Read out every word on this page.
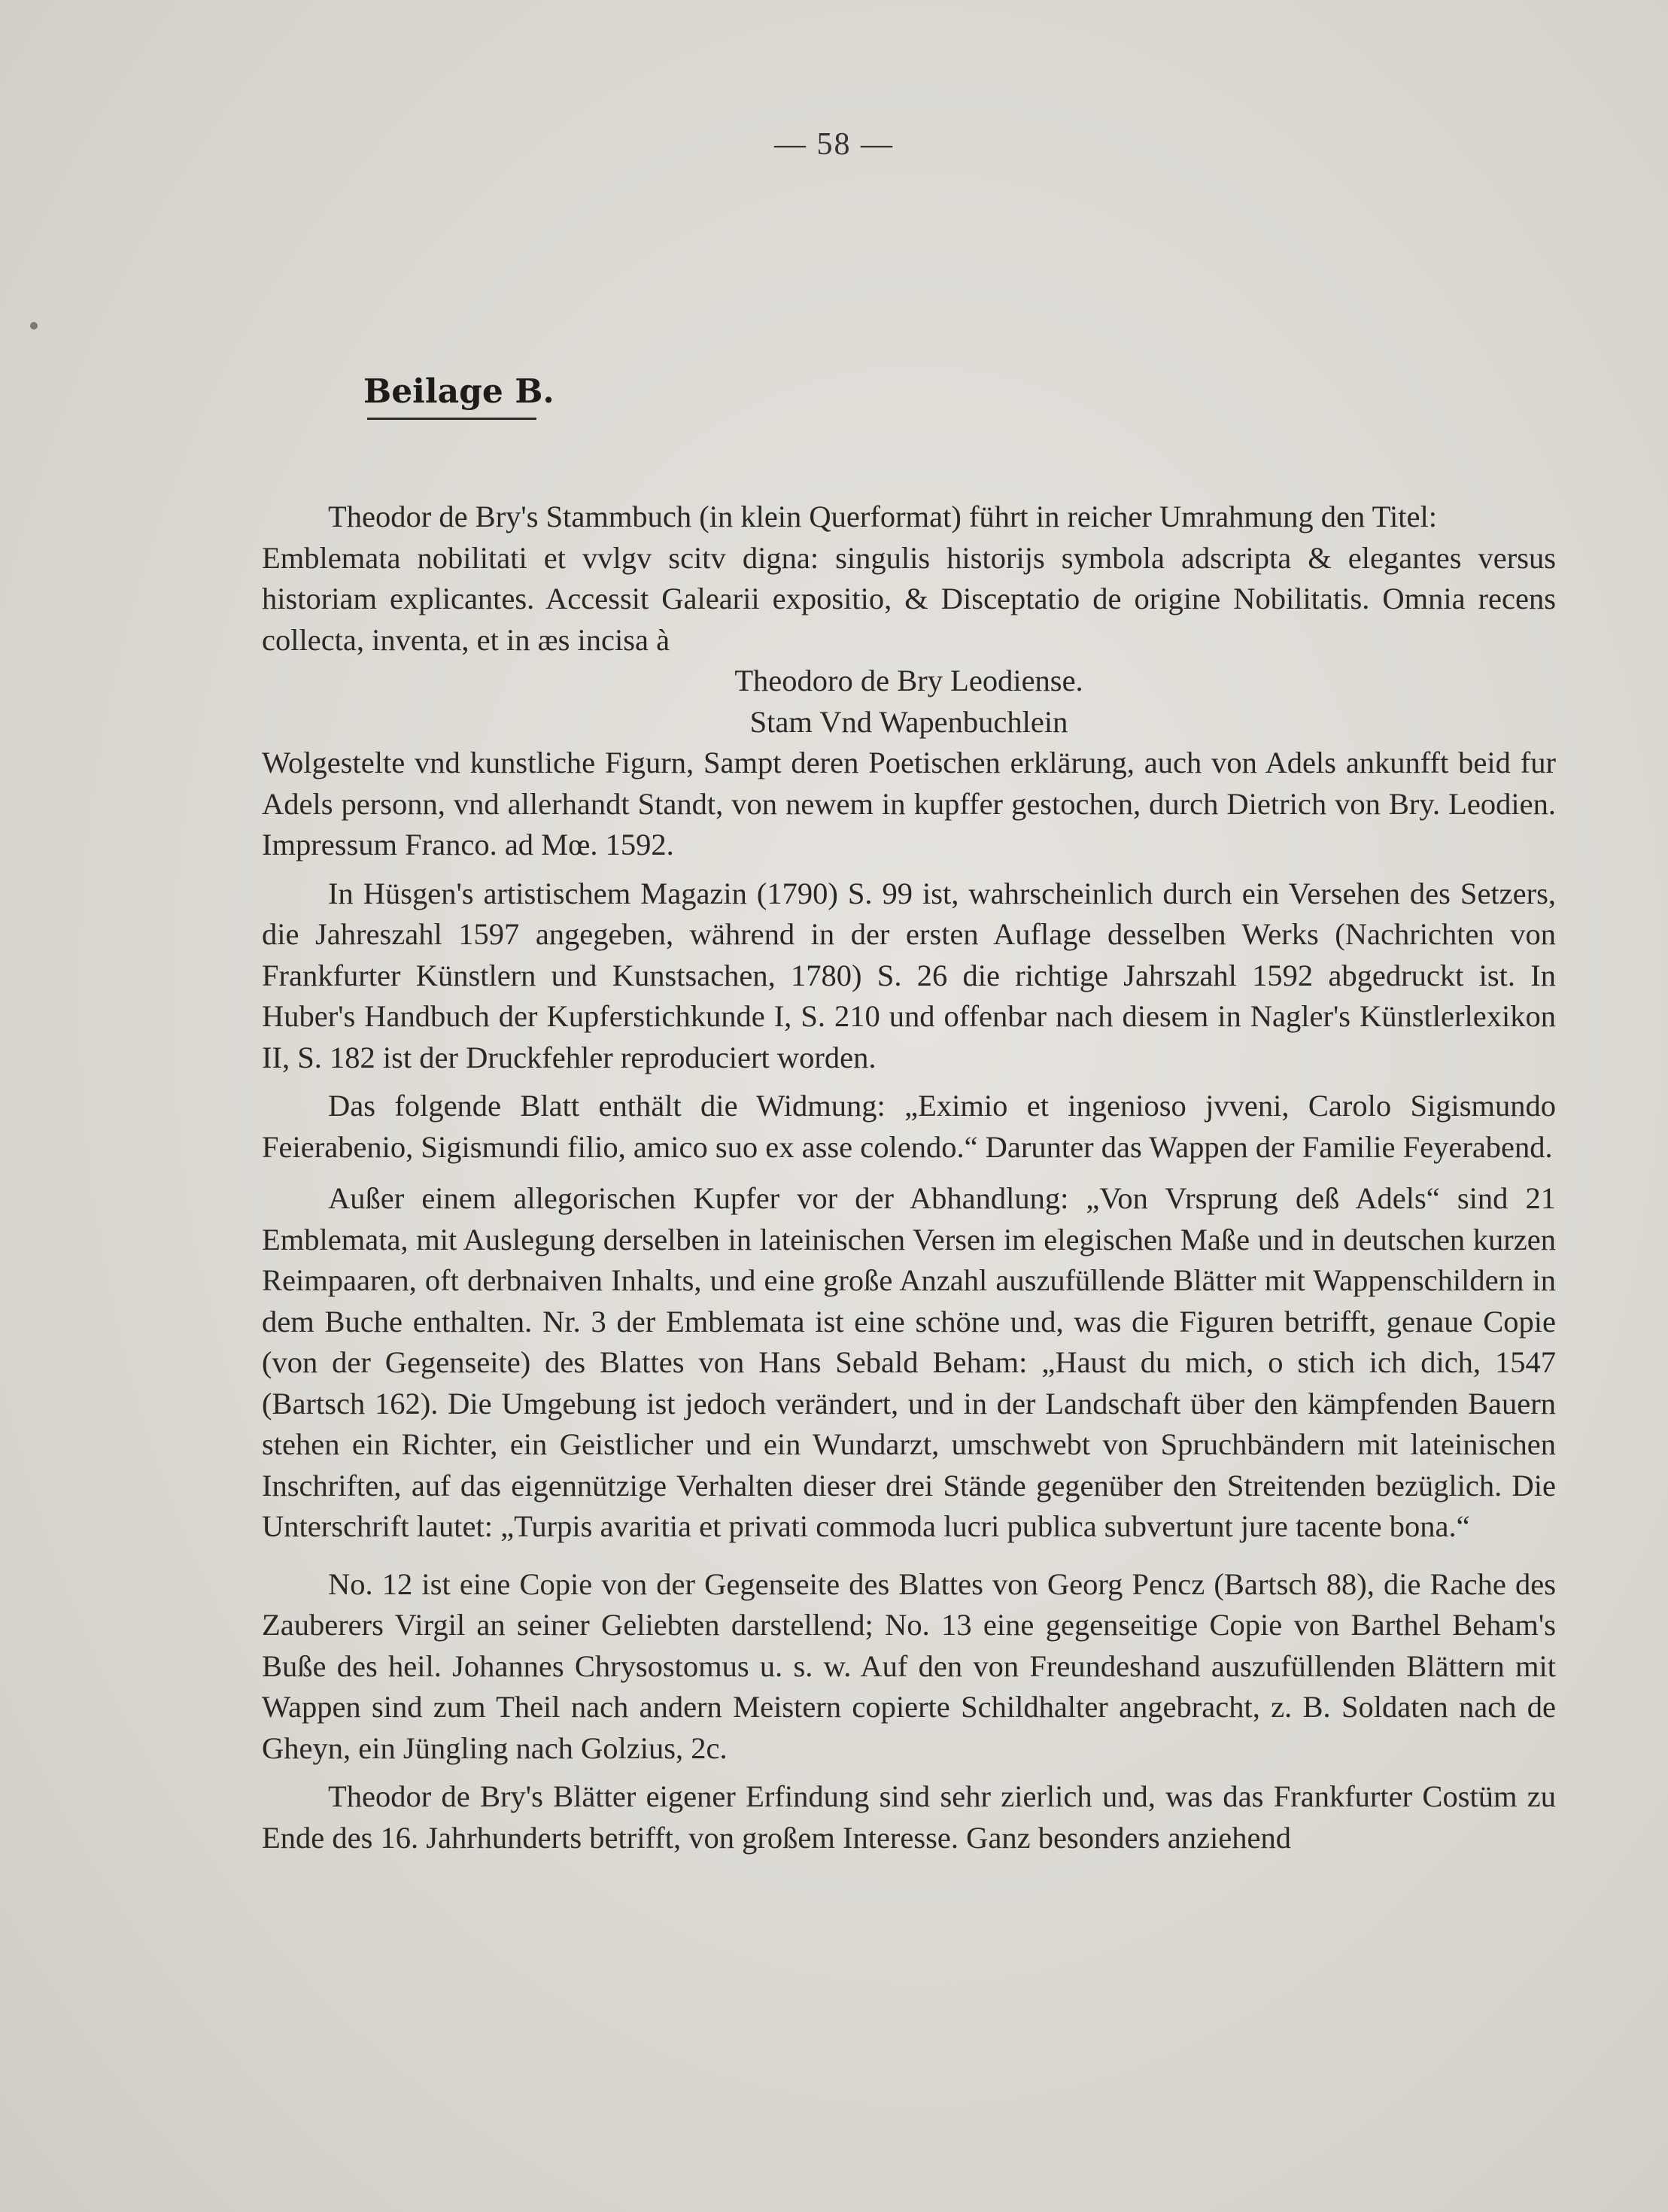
— 58 —
Beilage B.

Theodor de Bry's Stammbuch (in klein Querformat) führt in reicher Umrahmung den Titel:

Emblemata nobilitati et vvlgv scitv digna: singulis historijs symbola adscripta & elegantes versus historiam explicantes. Accessit Galearii expositio, & Disceptatio de origine Nobilitatis. Omnia recens collecta, inventa, et in æs incisa à

Theodoro de Bry Leodiense.

Stam Vnd Wapenbuchlein

Wolgestelte vnd kunstliche Figurn, Sampt deren Poetischen erklärung, auch von Adels ankunfft beid fur Adels personn, vnd allerhandt Standt, von newem in kupffer gestochen, durch Dietrich von Bry. Leodien. Impressum Franco. ad Mœ. 1592.

In Hüsgen's artistischem Magazin (1790) S. 99 ist, wahrscheinlich durch ein Versehen des Setzers, die Jahreszahl 1597 angegeben, während in der ersten Auflage desselben Werks (Nachrichten von Frankfurter Künstlern und Kunstsachen, 1780) S. 26 die richtige Jahrszahl 1592 abgedruckt ist. In Huber's Handbuch der Kupferstichkunde I, S. 210 und offenbar nach diesem in Nagler's Künstlerlexikon II, S. 182 ist der Druckfehler reproduciert worden.

Das folgende Blatt enthält die Widmung: „Eximio et ingenioso jvveni, Carolo Sigismundo Feierabenio, Sigismundi filio, amico suo ex asse colendo.“ Darunter das Wappen der Familie Feyerabend.

Außer einem allegorischen Kupfer vor der Abhandlung: „Von Vrsprung deß Adels“ sind 21 Emblemata, mit Auslegung derselben in lateinischen Versen im elegischen Maße und in deutschen kurzen Reimpaaren, oft derbnaiven Inhalts, und eine große Anzahl auszufüllende Blätter mit Wappenschildern in dem Buche enthalten. Nr. 3 der Emblemata ist eine schöne und, was die Figuren betrifft, genaue Copie (von der Gegenseite) des Blattes von Hans Sebald Beham: „Haust du mich, o stich ich dich, 1547 (Bartsch 162). Die Umgebung ist jedoch verändert, und in der Landschaft über den kämpfenden Bauern stehen ein Richter, ein Geistlicher und ein Wundarzt, umschwebt von Spruchbändern mit lateinischen Inschriften, auf das eigennützige Verhalten dieser drei Stände gegenüber den Streitenden bezüglich. Die Unterschrift lautet: „Turpis avaritia et privati commoda lucri publica subvertunt jure tacente bona.“

No. 12 ist eine Copie von der Gegenseite des Blattes von Georg Pencz (Bartsch 88), die Rache des Zauberers Virgil an seiner Geliebten darstellend; No. 13 eine gegenseitige Copie von Barthel Beham's Buße des heil. Johannes Chrysostomus u. s. w. Auf den von Freundeshand auszufüllenden Blättern mit Wappen sind zum Theil nach andern Meistern copierte Schildhalter angebracht, z. B. Soldaten nach de Gheyn, ein Jüngling nach Golzius, 2c.

Theodor de Bry's Blätter eigener Erfindung sind sehr zierlich und, was das Frankfurter Costüm zu Ende des 16. Jahrhunderts betrifft, von großem Interesse. Ganz besonders anziehend
